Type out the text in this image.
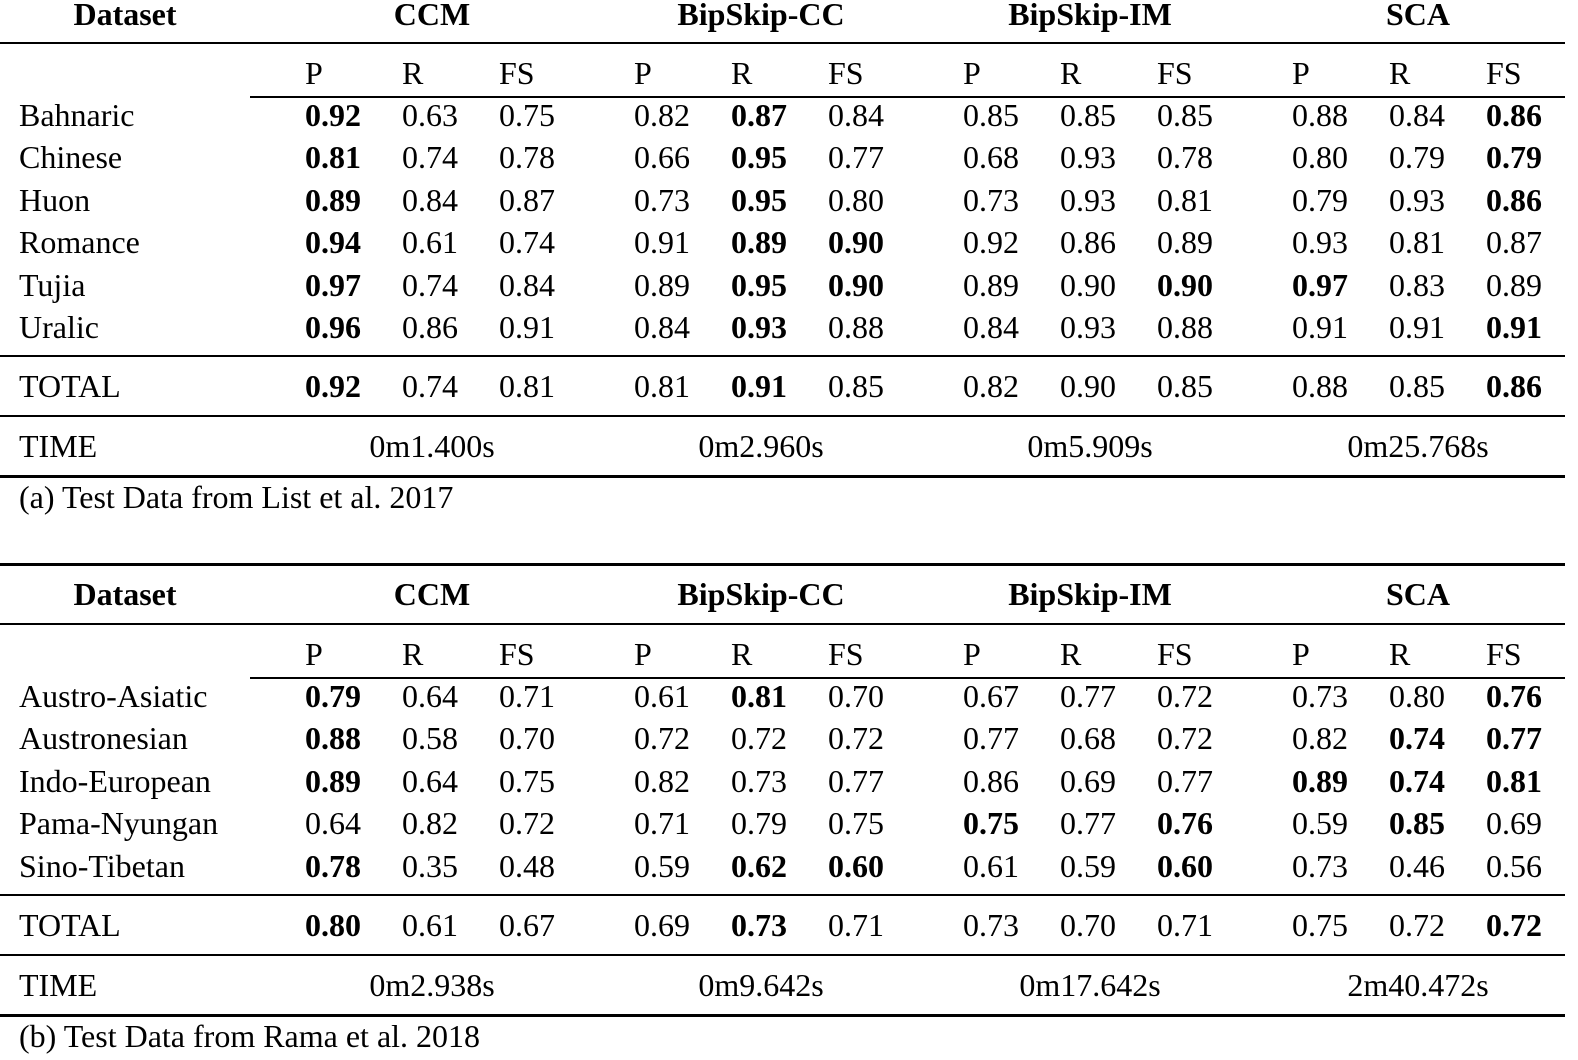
Dataset	CCM	BipSkip-CC	BipSkip-IM	SCA
P R FS	P R FS	P R FS	P R FS
Bahnaric	0.92 0.63 0.75 0.82 0.87 0.84 0.85 0.85 0.85 0.88 0.84 0.86
Chinese	0.81 0.74 0.78 0.66 0.95 0.77 0.68 0.93 0.78 0.80 0.79 0.79
Huon	0.89 0.84 0.87 0.73 0.95 0.80 0.73 0.93 0.81 0.79 0.93 0.86
Romance	0.94 0.61 0.74 0.91 0.89 0.90 0.92 0.86 0.89 0.93 0.81 0.87
Tujia	0.97 0.74 0.84 0.89 0.95 0.90 0.89 0.90 0.90 0.97 0.83 0.89
Uralic	0.96 0.86 0.91 0.84 0.93 0.88 0.84 0.93 0.88 0.91 0.91 0.91
TOTAL	0.92 0.74 0.81 0.81 0.91 0.85 0.82 0.90 0.85 0.88 0.85 0.86
TIME	0m1.400s	0m2.960s	0m5.909s	0m25.768s
(a) Test Data from List et al. 2017
Dataset	CCM	BipSkip-CC	BipSkip-IM	SCA
P R FS	P R FS	P R FS	P R FS
Austro-Asiatic	0.79 0.64 0.71 0.61 0.81 0.70 0.67 0.77 0.72 0.73 0.80 0.76
Austronesian	0.88 0.58 0.70 0.72 0.72 0.72 0.77 0.68 0.72 0.82 0.74 0.77
Indo-European	0.89 0.64 0.75 0.82 0.73 0.77 0.86 0.69 0.77 0.89 0.74 0.81
Pama-Nyungan	0.64 0.82 0.72 0.71 0.79 0.75 0.75 0.77 0.76 0.59 0.85 0.69
Sino-Tibetan	0.78 0.35 0.48 0.59 0.62 0.60 0.61 0.59 0.60 0.73 0.46 0.56
TOTAL	0.80 0.61 0.67 0.69 0.73 0.71 0.73 0.70 0.71 0.75 0.72 0.72
TIME	0m2.938s	0m9.642s	0m17.642s	2m40.472s
(b) Test Data from Rama et al. 2018
